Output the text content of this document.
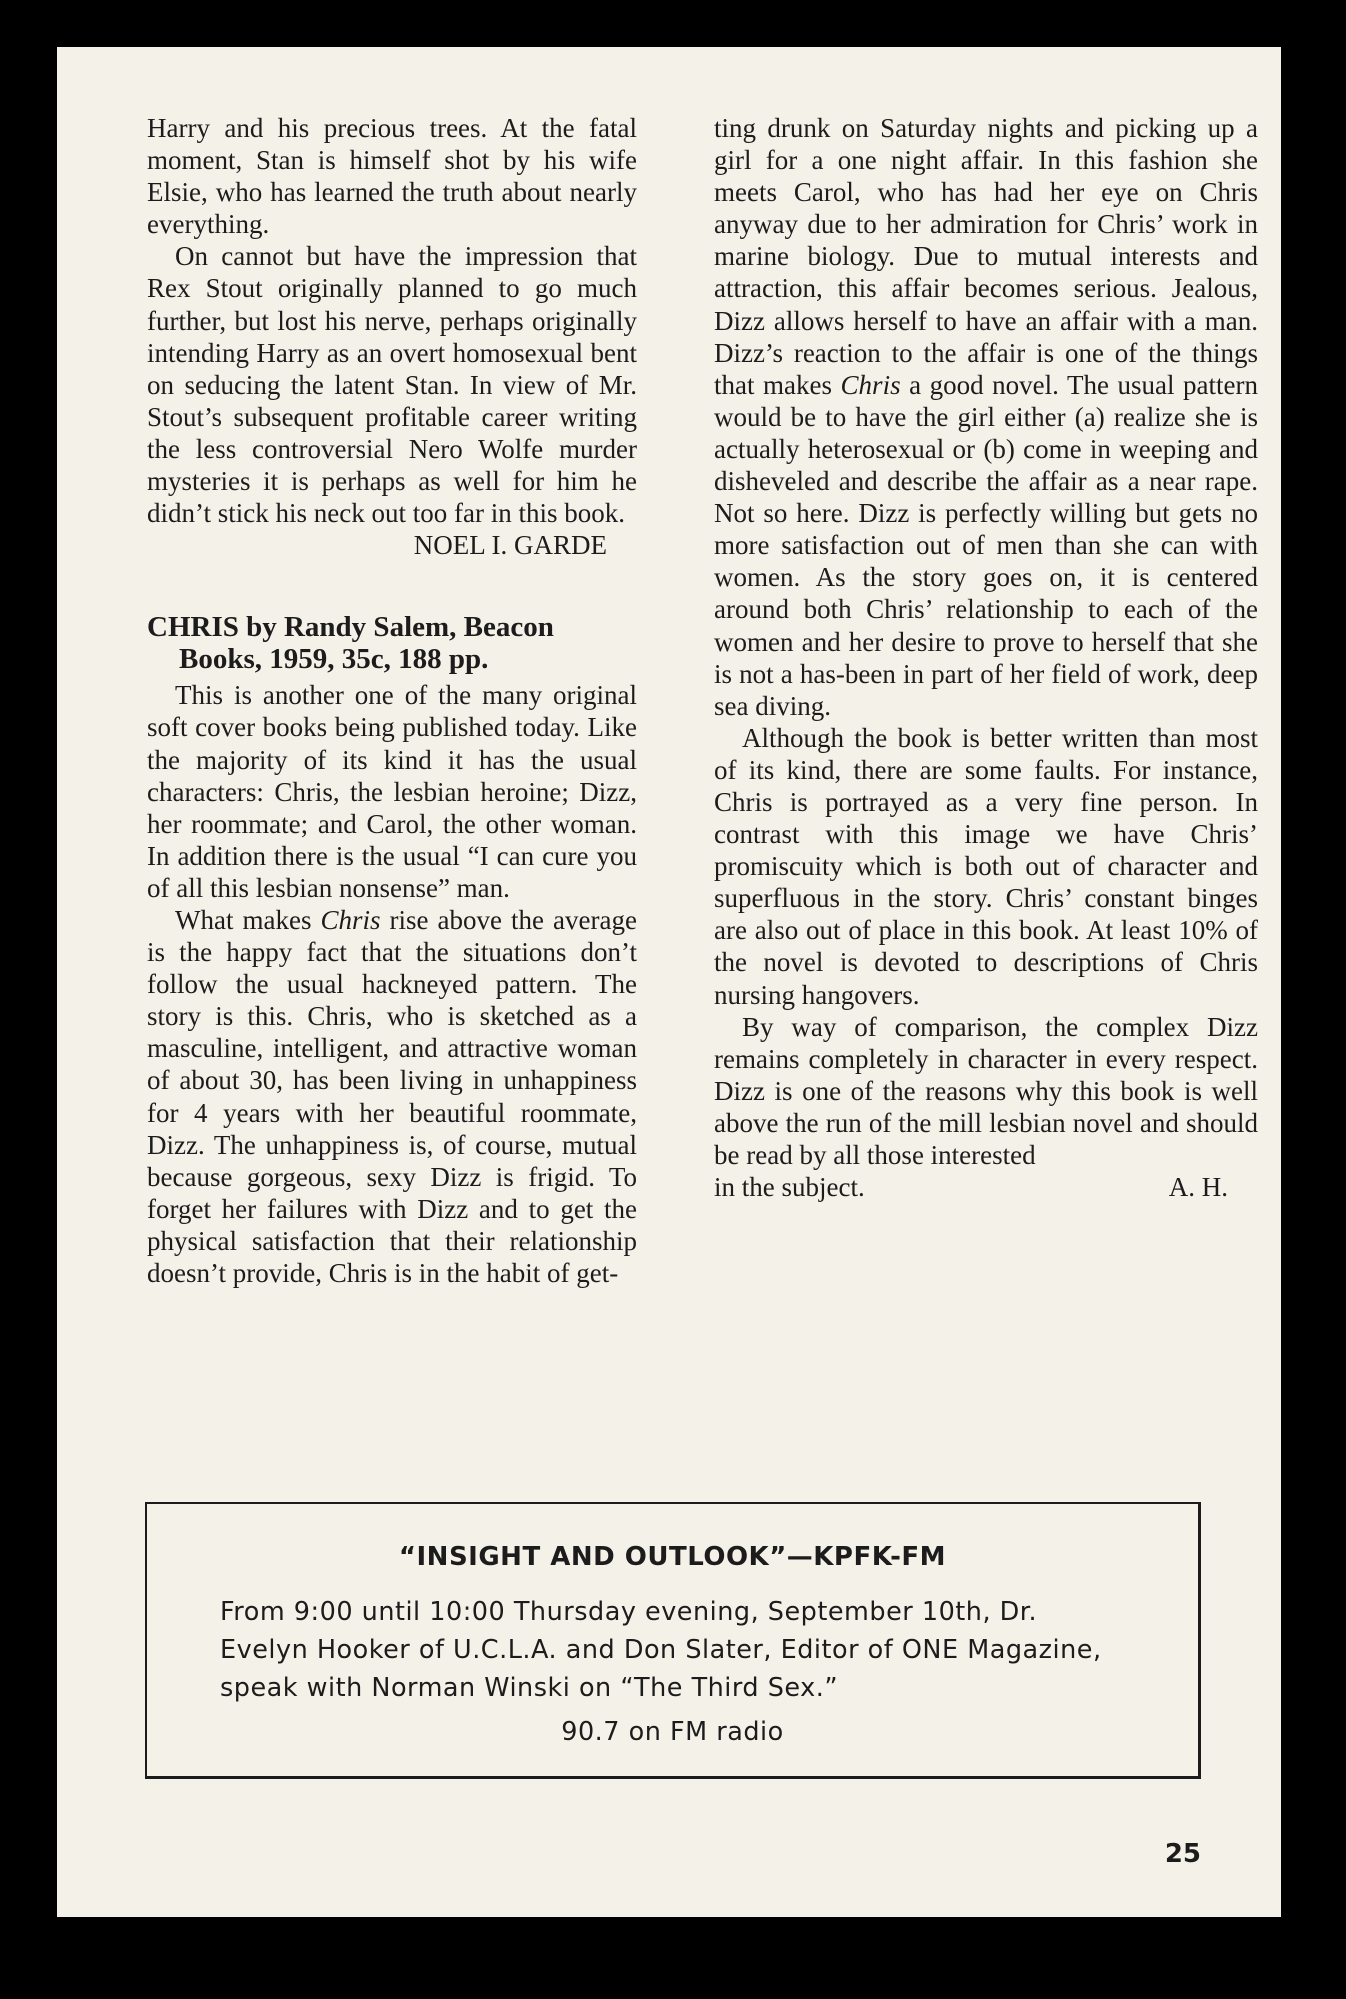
Harry and his precious trees. At the fatal moment, Stan is himself shot by his wife Elsie, who has learned the truth about nearly everything.

On cannot but have the impression that Rex Stout originally planned to go much further, but lost his nerve, perhaps originally intending Harry as an overt homosexual bent on seducing the latent Stan. In view of Mr. Stout’s subsequent profitable career writing the less controversial Nero Wolfe murder mysteries it is perhaps as well for him he didn’t stick his neck out too far in this book.

NOEL I. GARDE

CHRIS by Randy Salem, Beacon Books, 1959, 35c, 188 pp.

This is another one of the many original soft cover books being published today. Like the majority of its kind it has the usual characters: Chris, the lesbian heroine; Dizz, her roommate; and Carol, the other woman. In addition there is the usual “I can cure you of all this lesbian nonsense” man.

What makes Chris rise above the average is the happy fact that the situations don’t follow the usual hackneyed pattern. The story is this. Chris, who is sketched as a masculine, intelligent, and attractive woman of about 30, has been living in unhappiness for 4 years with her beautiful roommate, Dizz. The unhappiness is, of course, mutual because gorgeous, sexy Dizz is frigid. To forget her failures with Dizz and to get the physical satisfaction that their relationship doesn’t provide, Chris is in the habit of get-

ting drunk on Saturday nights and picking up a girl for a one night affair. In this fashion she meets Carol, who has had her eye on Chris anyway due to her admiration for Chris’ work in marine biology. Due to mutual interests and attraction, this affair becomes serious. Jealous, Dizz allows herself to have an affair with a man. Dizz’s reaction to the affair is one of the things that makes Chris a good novel. The usual pattern would be to have the girl either (a) realize she is actually heterosexual or (b) come in weeping and disheveled and describe the affair as a near rape. Not so here. Dizz is perfectly willing but gets no more satisfaction out of men than she can with women. As the story goes on, it is centered around both Chris’ relationship to each of the women and her desire to prove to herself that she is not a has-been in part of her field of work, deep sea diving.

Although the book is better written than most of its kind, there are some faults. For instance, Chris is portrayed as a very fine person. In contrast with this image we have Chris’ promiscuity which is both out of character and superfluous in the story. Chris’ constant binges are also out of place in this book. At least 10% of the novel is devoted to descriptions of Chris nursing hangovers.

By way of comparison, the complex Dizz remains completely in character in every respect. Dizz is one of the reasons why this book is well above the run of the mill lesbian novel and should be read by all those interested

in the subject.	A. H.
“INSIGHT AND OUTLOOK”—KPFK-FM
From 9:00 until 10:00 Thursday evening, September 10th, Dr. Evelyn Hooker of U.C.L.A. and Don Slater, Editor of ONE Magazine, speak with Norman Winski on “The Third Sex.”
90.7 on FM radio
25
